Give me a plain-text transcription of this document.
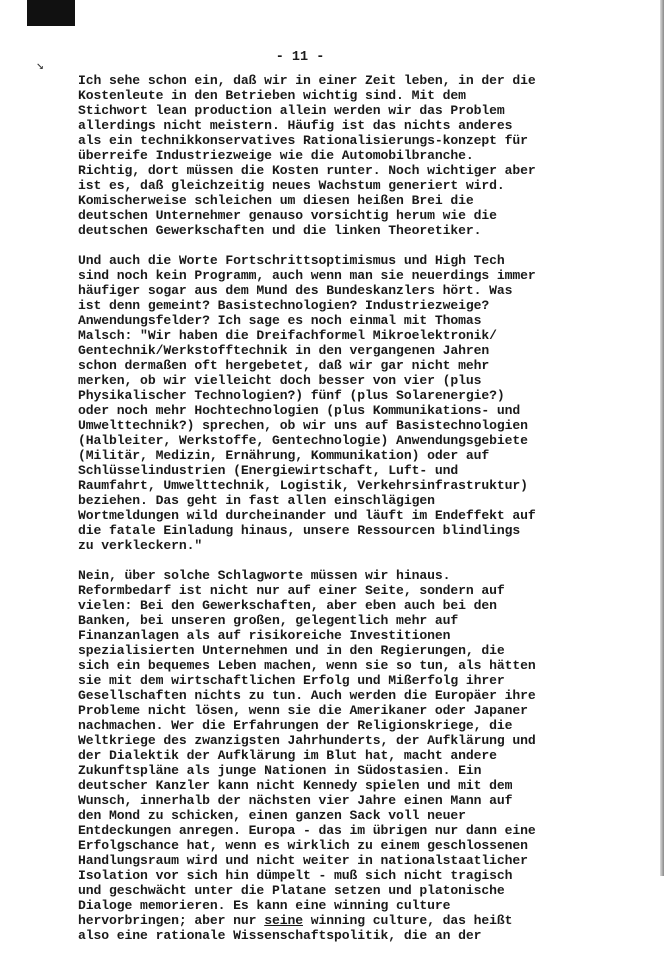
↘
- 11 -
Ich sehe schon ein, daß wir in einer Zeit leben, in der die
Kostenleute in den Betrieben wichtig sind. Mit dem
Stichwort lean production allein werden wir das Problem
allerdings nicht meistern. Häufig ist das nichts anderes
als ein technikkonservatives Rationalisierungs-konzept für
überreife Industriezweige wie die Automobilbranche.
Richtig, dort müssen die Kosten runter. Noch wichtiger aber
ist es, daß gleichzeitig neues Wachstum generiert wird.
Komischerweise schleichen um diesen heißen Brei die
deutschen Unternehmer genauso vorsichtig herum wie die
deutschen Gewerkschaften und die linken Theoretiker.
Und auch die Worte Fortschrittsoptimismus und High Tech
sind noch kein Programm, auch wenn man sie neuerdings immer
häufiger sogar aus dem Mund des Bundeskanzlers hört. Was
ist denn gemeint? Basistechnologien? Industriezweige?
Anwendungsfelder? Ich sage es noch einmal mit Thomas
Malsch: "Wir haben die Dreifachformel Mikroelektronik/
Gentechnik/Werkstofftechnik in den vergangenen Jahren
schon dermaßen oft hergebetet, daß wir gar nicht mehr
merken, ob wir vielleicht doch besser von vier (plus
Physikalischer Technologien?) fünf (plus Solarenergie?)
oder noch mehr Hochtechnologien (plus Kommunikations- und
Umwelttechnik?) sprechen, ob wir uns auf Basistechnologien
(Halbleiter, Werkstoffe, Gentechnologie) Anwendungsgebiete
(Militär, Medizin, Ernährung, Kommunikation) oder auf
Schlüsselindustrien (Energiewirtschaft, Luft- und
Raumfahrt, Umwelttechnik, Logistik, Verkehrsinfrastruktur)
beziehen. Das geht in fast allen einschlägigen
Wortmeldungen wild durcheinander und läuft im Endeffekt auf
die fatale Einladung hinaus, unsere Ressourcen blindlings
zu verkleckern."
Nein, über solche Schlagworte müssen wir hinaus.
Reformbedarf ist nicht nur auf einer Seite, sondern auf
vielen: Bei den Gewerkschaften, aber eben auch bei den
Banken, bei unseren großen, gelegentlich mehr auf
Finanzanlagen als auf risikoreiche Investitionen
spezialisierten Unternehmen und in den Regierungen, die
sich ein bequemes Leben machen, wenn sie so tun, als hätten
sie mit dem wirtschaftlichen Erfolg und Mißerfolg ihrer
Gesellschaften nichts zu tun. Auch werden die Europäer ihre
Probleme nicht lösen, wenn sie die Amerikaner oder Japaner
nachmachen. Wer die Erfahrungen der Religionskriege, die
Weltkriege des zwanzigsten Jahrhunderts, der Aufklärung und
der Dialektik der Aufklärung im Blut hat, macht andere
Zukunftspläne als junge Nationen in Südostasien. Ein
deutscher Kanzler kann nicht Kennedy spielen und mit dem
Wunsch, innerhalb der nächsten vier Jahre einen Mann auf
den Mond zu schicken, einen ganzen Sack voll neuer
Entdeckungen anregen. Europa - das im übrigen nur dann eine
Erfolgschance hat, wenn es wirklich zu einem geschlossenen
Handlungsraum wird und nicht weiter in nationalstaatlicher
Isolation vor sich hin dümpelt - muß sich nicht tragisch
und geschwächt unter die Platane setzen und platonische
Dialoge memorieren. Es kann eine winning culture
hervorbringen; aber nur seine winning culture, das heißt
also eine rationale Wissenschaftspolitik, die an der
